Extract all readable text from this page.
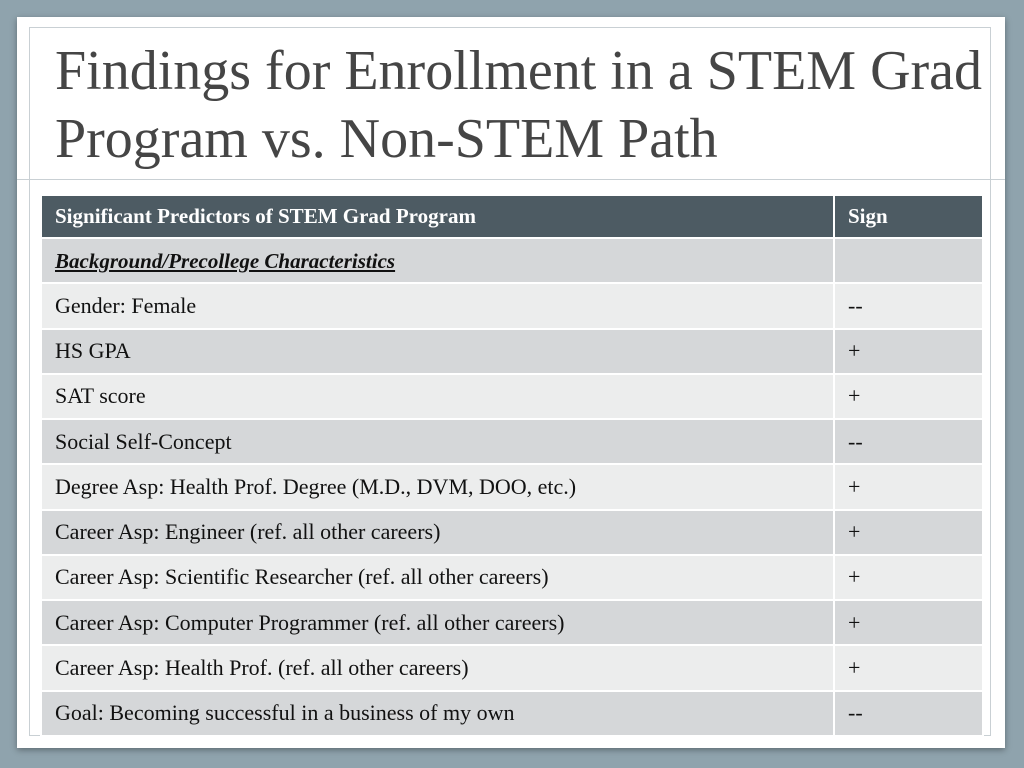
Findings for Enrollment in a STEM Grad Program vs. Non-STEM Path
Significant Predictors of STEM Grad Program	Sign
Background/Precollege Characteristics	
Gender: Female	--
HS GPA	+
SAT score	+
Social Self-Concept	--
Degree Asp: Health Prof. Degree (M.D., DVM, DOO, etc.)	+
Career Asp: Engineer (ref. all other careers)	+
Career Asp: Scientific Researcher (ref. all other careers)	+
Career Asp: Computer Programmer (ref. all other careers)	+
Career Asp: Health Prof. (ref. all other careers)	+
Goal: Becoming successful in a business of my own	--
